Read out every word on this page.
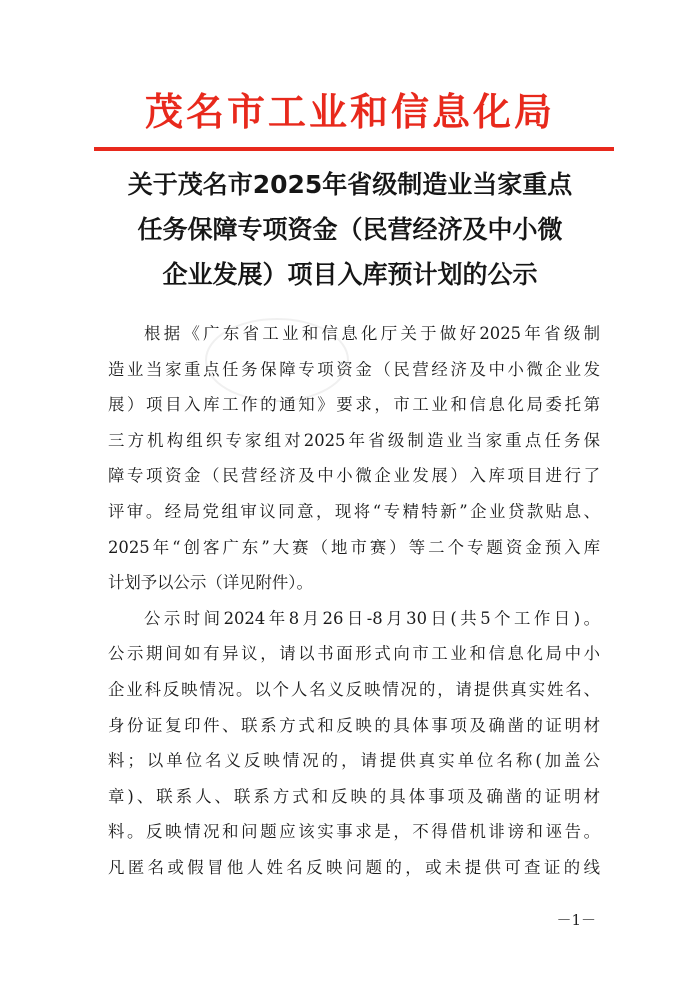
茂名市工业和信息化局
关于茂名市2025年省级制造业当家重点
任务保障专项资金（民营经济及中小微
企业发展）项目入库预计划的公示
根据《广东省工业和信息化厅关于做好2025年省级制
造业当家重点任务保障专项资金（民营经济及中小微企业发
展）项目入库工作的通知》要求，市工业和信息化局委托第
三方机构组织专家组对2025年省级制造业当家重点任务保
障专项资金（民营经济及中小微企业发展）入库项目进行了
评审。经局党组审议同意，现将“专精特新”企业贷款贴息、
2025年“创客广东”大赛（地市赛）等二个专题资金预入库
计划予以公示（详见附件）。
公示时间2024年8月26日-8月30日(共5个工作日)。
公示期间如有异议，请以书面形式向市工业和信息化局中小
企业科反映情况。以个人名义反映情况的，请提供真实姓名、
身份证复印件、联系方式和反映的具体事项及确凿的证明材
料；以单位名义反映情况的，请提供真实单位名称(加盖公
章)、联系人、联系方式和反映的具体事项及确凿的证明材
料。反映情况和问题应该实事求是，不得借机诽谤和诬告。
凡匿名或假冒他人姓名反映问题的，或未提供可查证的线
－1－
